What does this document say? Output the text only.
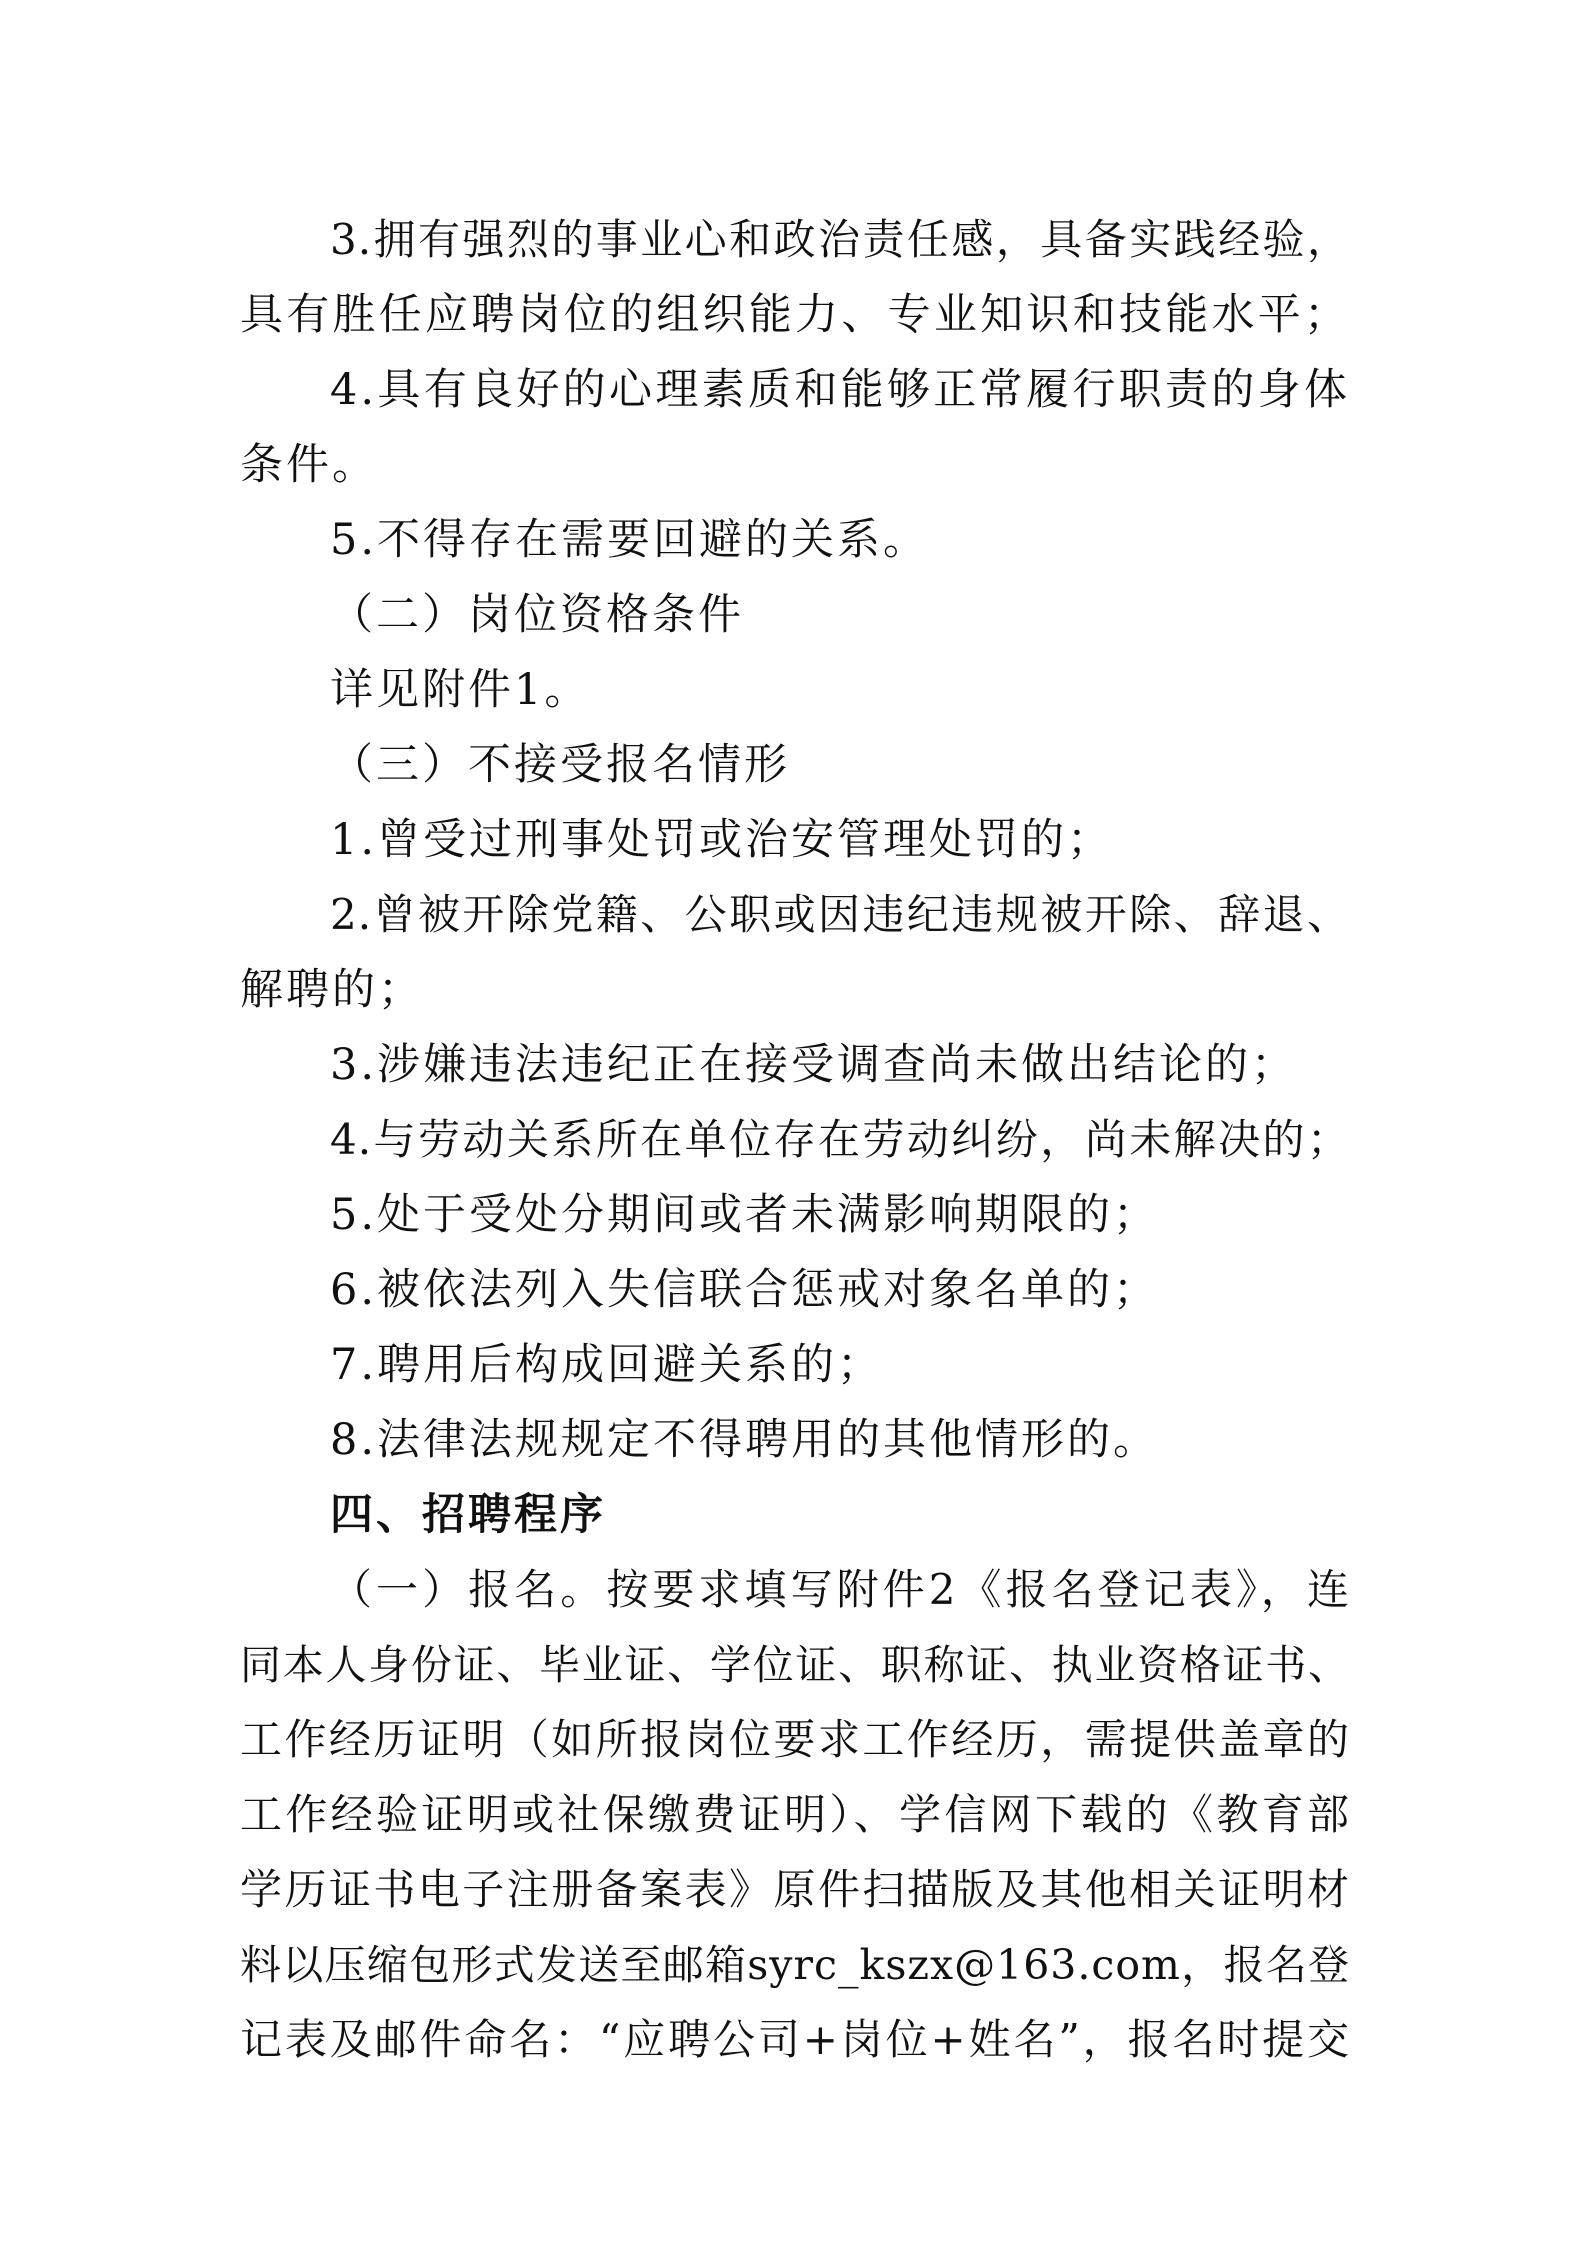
3.拥有强烈的事业心和政治责任感，具备实践经验，
具有胜任应聘岗位的组织能力、专业知识和技能水平；
4.具有良好的心理素质和能够正常履行职责的身体
条件。
5.不得存在需要回避的关系。
（二）岗位资格条件
详见附件1。
（三）不接受报名情形
1.曾受过刑事处罚或治安管理处罚的；
2.曾被开除党籍、公职或因违纪违规被开除、辞退、
解聘的；
3.涉嫌违法违纪正在接受调查尚未做出结论的；
4.与劳动关系所在单位存在劳动纠纷，尚未解决的；
5.处于受处分期间或者未满影响期限的；
6.被依法列入失信联合惩戒对象名单的；
7.聘用后构成回避关系的；
8.法律法规规定不得聘用的其他情形的。
四、招聘程序
（一）报名。按要求填写附件2《报名登记表》，连
同本人身份证、毕业证、学位证、职称证、执业资格证书、
工作经历证明（如所报岗位要求工作经历，需提供盖章的
工作经验证明或社保缴费证明）、学信网下载的《教育部
学历证书电子注册备案表》原件扫描版及其他相关证明材
料以压缩包形式发送至邮箱syrc_kszx@163.com，报名登
记表及邮件命名：“应聘公司+岗位+姓名”，报名时提交
